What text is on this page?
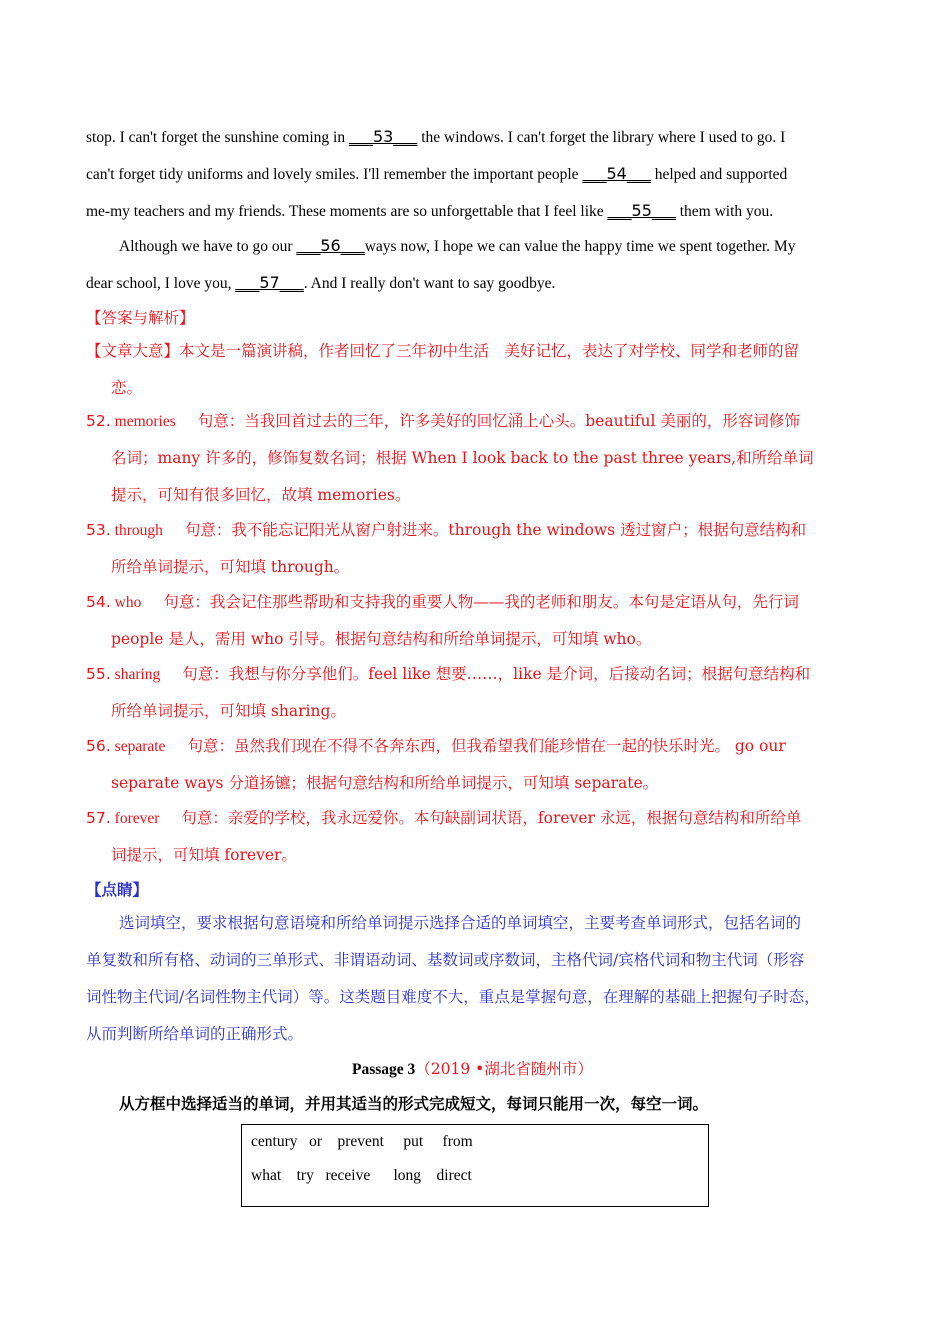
stop. I can't forget the sunshine coming in ___53___ the windows. I can't forget the library where I used to go. I
can't forget tidy uniforms and lovely smiles. I'll remember the important people ___54___ helped and supported
me-my teachers and my friends. These moments are so unforgettable that I feel like ___55___ them with you.
Although we have to go our ___56___ways now, I hope we can value the happy time we spent together. My
dear school, I love you, ___57___. And I really don't want to say goodbye.
【答案与解析】
【文章大意】本文是一篇演讲稿，作者回忆了三年初中生活　美好记忆，表达了对学校、同学和老师的留
恋。
52. memories 句意：当我回首过去的三年，许多美好的回忆涌上心头。beautiful 美丽的，形容词修饰
名词；many 许多的，修饰复数名词；根据 When I look back to the past three years,和所给单词
提示，可知有很多回忆，故填 memories。
53. through 句意：我不能忘记阳光从窗户射进来。through the windows 透过窗户；根据句意结构和
所给单词提示，可知填 through。
54. who 句意：我会记住那些帮助和支持我的重要人物——我的老师和朋友。本句是定语从句，先行词
people 是人，需用 who 引导。根据句意结构和所给单词提示，可知填 who。
55. sharing 句意：我想与你分享他们。feel like 想要……，like 是介词，后接动名词；根据句意结构和
所给单词提示，可知填 sharing。
56. separate 句意：虽然我们现在不得不各奔东西，但我希望我们能珍惜在一起的快乐时光。 go our
separate ways 分道扬镳；根据句意结构和所给单词提示，可知填 separate。
57. forever 句意：亲爱的学校，我永远爱你。本句缺副词状语，forever 永远，根据句意结构和所给单
词提示，可知填 forever。
【点睛】
选词填空，要求根据句意语境和所给单词提示选择合适的单词填空，主要考查单词形式，包括名词的
单复数和所有格、动词的三单形式、非谓语动词、基数词或序数词，主格代词/宾格代词和物主代词（形容
词性物主代词/名词性物主代词）等。这类题目难度不大，重点是掌握句意，在理解的基础上把握句子时态，
从而判断所给单词的正确形式。
Passage 3（2019 •湖北省随州市）
从方框中选择适当的单词，并用其适当的形式完成短文，每词只能用一次，每空一词。
century   or    prevent     put     from
what    try   receive      long    direct
